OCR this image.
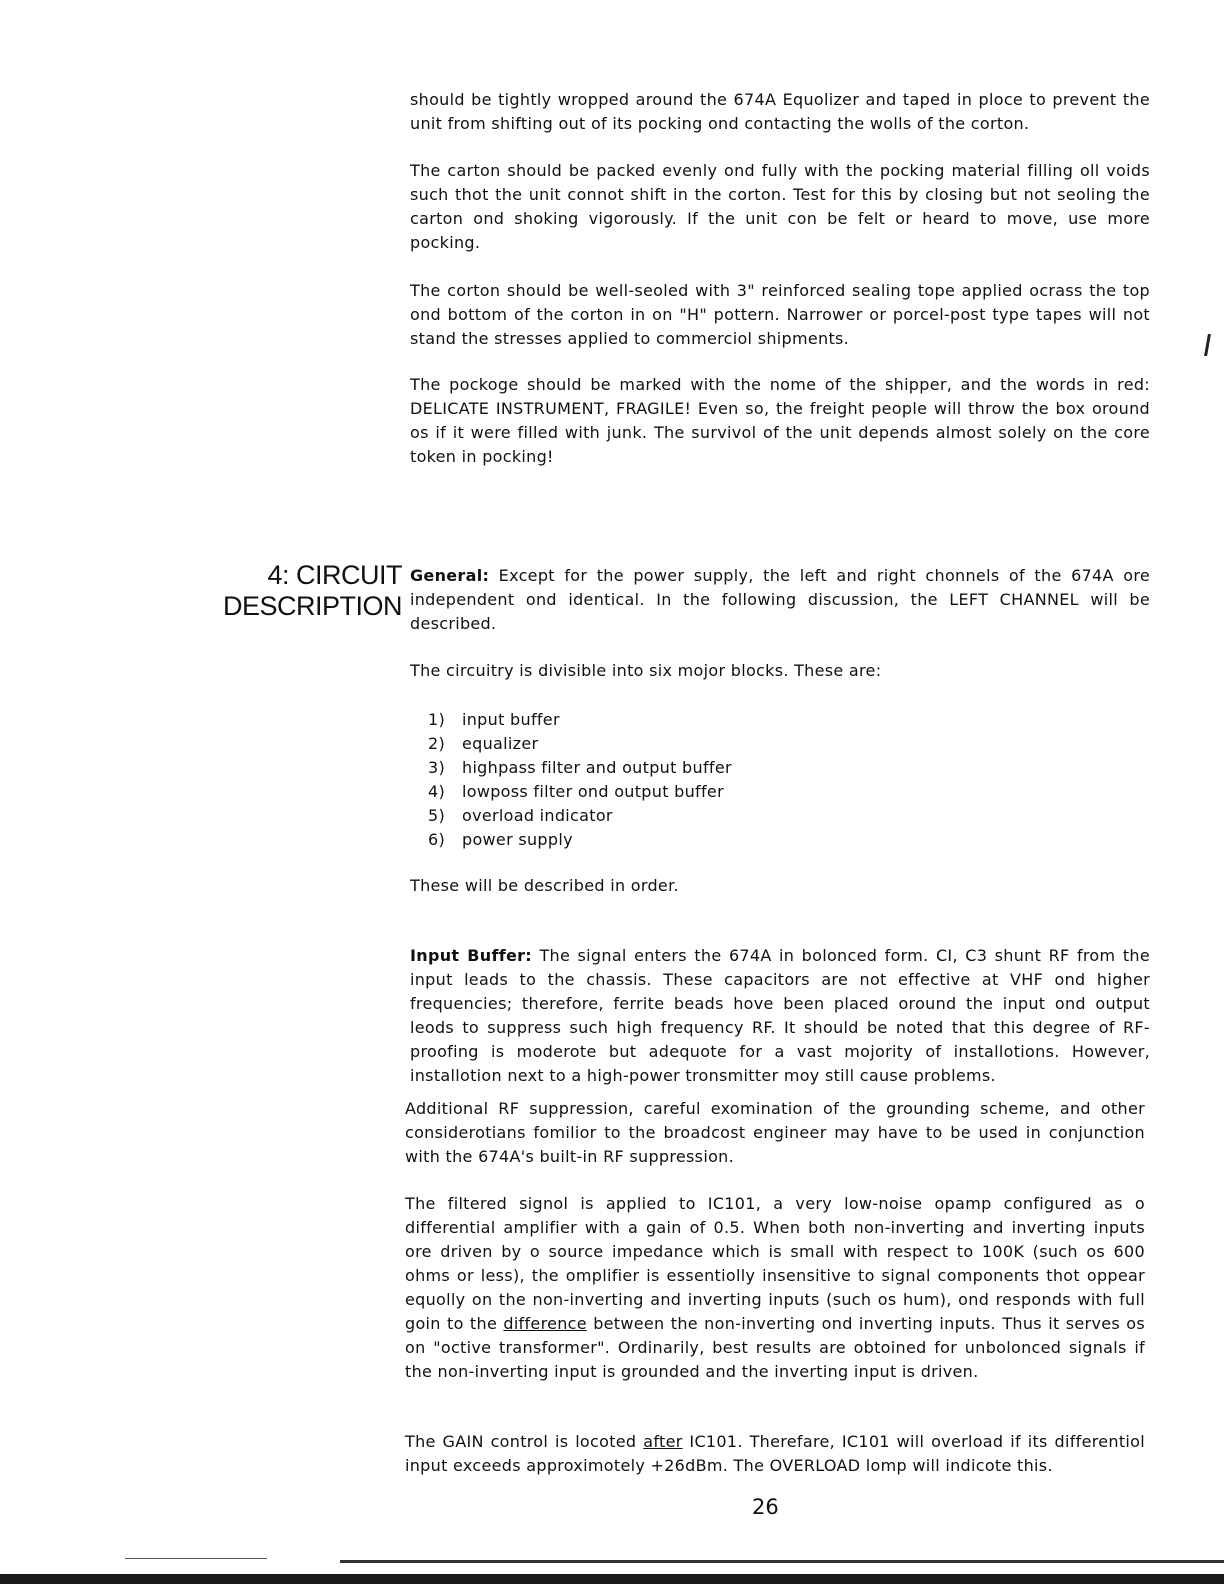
should be tightly wropped around the 674A Equolizer and taped in ploce to prevent the unit from shifting out of its pocking ond contacting the wolls of the corton.

The carton should be packed evenly ond fully with the pocking material filling oll voids such thot the unit connot shift in the corton. Test for this by closing but not seoling the carton ond shoking vigorously. If the unit con be felt or heard to move, use more pocking.

The corton should be well-seoled with 3" reinforced sealing tope applied ocrass the top ond bottom of the corton in on "H" pottern. Narrower or porcel-post type tapes will not stand the stresses applied to commerciol shipments.

The pockoge should be marked with the nome of the shipper, and the words in red: DELICATE INSTRUMENT, FRAGILE! Even so, the freight people will throw the box oround os if it were filled with junk. The survivol of the unit depends almost solely on the core token in pocking!

4: CIRCUIT
DESCRIPTION

General: Except for the power supply, the left and right chonnels of the 674A ore independent ond identical. In the following discussion, the LEFT CHANNEL will be described.

The circuitry is divisible into six mojor blocks. These are:

1) input buffer
2) equalizer
3) highpass filter and output buffer
4) lowposs filter ond output buffer
5) overload indicator
6) power supply

These will be described in order.

Input Buffer: The signal enters the 674A in bolonced form. CI, C3 shunt RF from the input leads to the chassis. These capacitors are not effective at VHF ond higher frequencies; therefore, ferrite beads hove been placed oround the input ond output leods to suppress such high frequency RF. It should be noted that this degree of RF-proofing is moderote but adequote for a vast mojority of installotions. However, installotion next to a high-power tronsmitter moy still cause problems.

Additional RF suppression, careful exomination of the grounding scheme, and other considerotians fomilior to the broadcost engineer may have to be used in conjunction with the 674A's built-in RF suppression.

The filtered signol is applied to IC101, a very low-noise opamp configured as o differential amplifier with a gain of 0.5. When both non-inverting and inverting inputs ore driven by o source impedance which is small with respect to 100K (such os 600 ohms or less), the omplifier is essentiolly insensitive to signal components thot oppear equolly on the non-inverting and inverting inputs (such os hum), ond responds with full goin to the difference between the non-inverting ond inverting inputs. Thus it serves os on "octive transformer". Ordinarily, best results are obtoined for unbolonced signals if the non-inverting input is grounded and the inverting input is driven.

The GAIN control is locoted after IC101. Therefare, IC101 will overload if its differentiol input exceeds approximotely +26dBm. The OVERLOAD lomp will indicote this.

26
